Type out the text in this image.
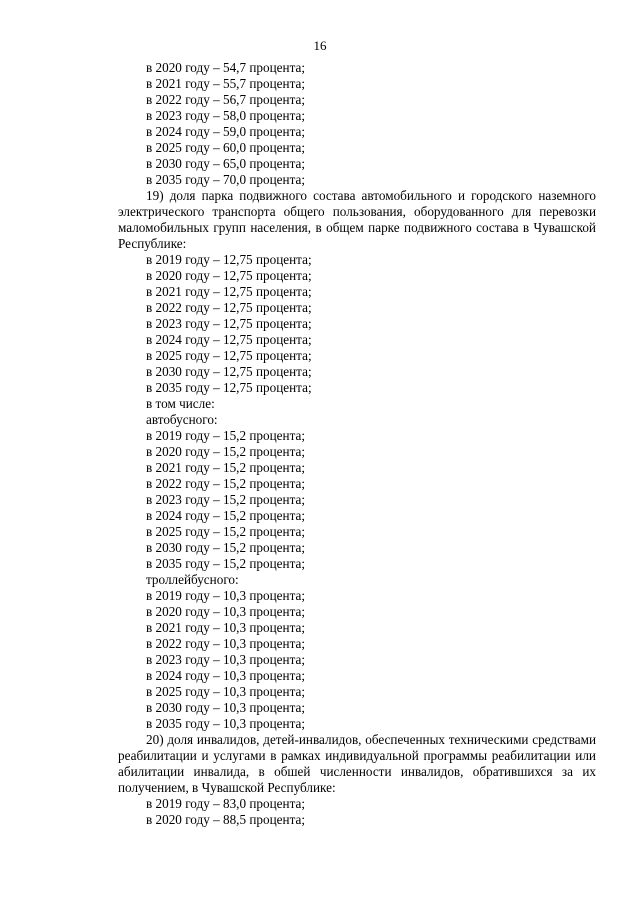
16
в 2020 году – 54,7 процента;
в 2021 году – 55,7 процента;
в 2022 году – 56,7 процента;
в 2023 году – 58,0 процента;
в 2024 году – 59,0 процента;
в 2025 году – 60,0 процента;
в 2030 году – 65,0 процента;
в 2035 году – 70,0 процента;
19) доля парка подвижного состава автомобильного и городского наземного электрического транспорта общего пользования, оборудованного для перевозки маломобильных групп населения, в общем парке подвижного состава в Чувашской Республике:
в 2019 году – 12,75 процента;
в 2020 году – 12,75 процента;
в 2021 году – 12,75 процента;
в 2022 году – 12,75 процента;
в 2023 году – 12,75 процента;
в 2024 году – 12,75 процента;
в 2025 году – 12,75 процента;
в 2030 году – 12,75 процента;
в 2035 году – 12,75 процента;
в том числе:
автобусного:
в 2019 году – 15,2 процента;
в 2020 году – 15,2 процента;
в 2021 году – 15,2 процента;
в 2022 году – 15,2 процента;
в 2023 году – 15,2 процента;
в 2024 году – 15,2 процента;
в 2025 году – 15,2 процента;
в 2030 году – 15,2 процента;
в 2035 году – 15,2 процента;
троллейбусного:
в 2019 году – 10,3 процента;
в 2020 году – 10,3 процента;
в 2021 году – 10,3 процента;
в 2022 году – 10,3 процента;
в 2023 году – 10,3 процента;
в 2024 году – 10,3 процента;
в 2025 году – 10,3 процента;
в 2030 году – 10,3 процента;
в 2035 году – 10,3 процента;
20) доля инвалидов, детей-инвалидов, обеспеченных техническими средствами реабилитации и услугами в рамках индивидуальной программы реабилитации или абилитации инвалида, в обшей численности инвалидов, обратившихся за их получением, в Чувашской Республике:
в 2019 году – 83,0 процента;
в 2020 году – 88,5 процента;
